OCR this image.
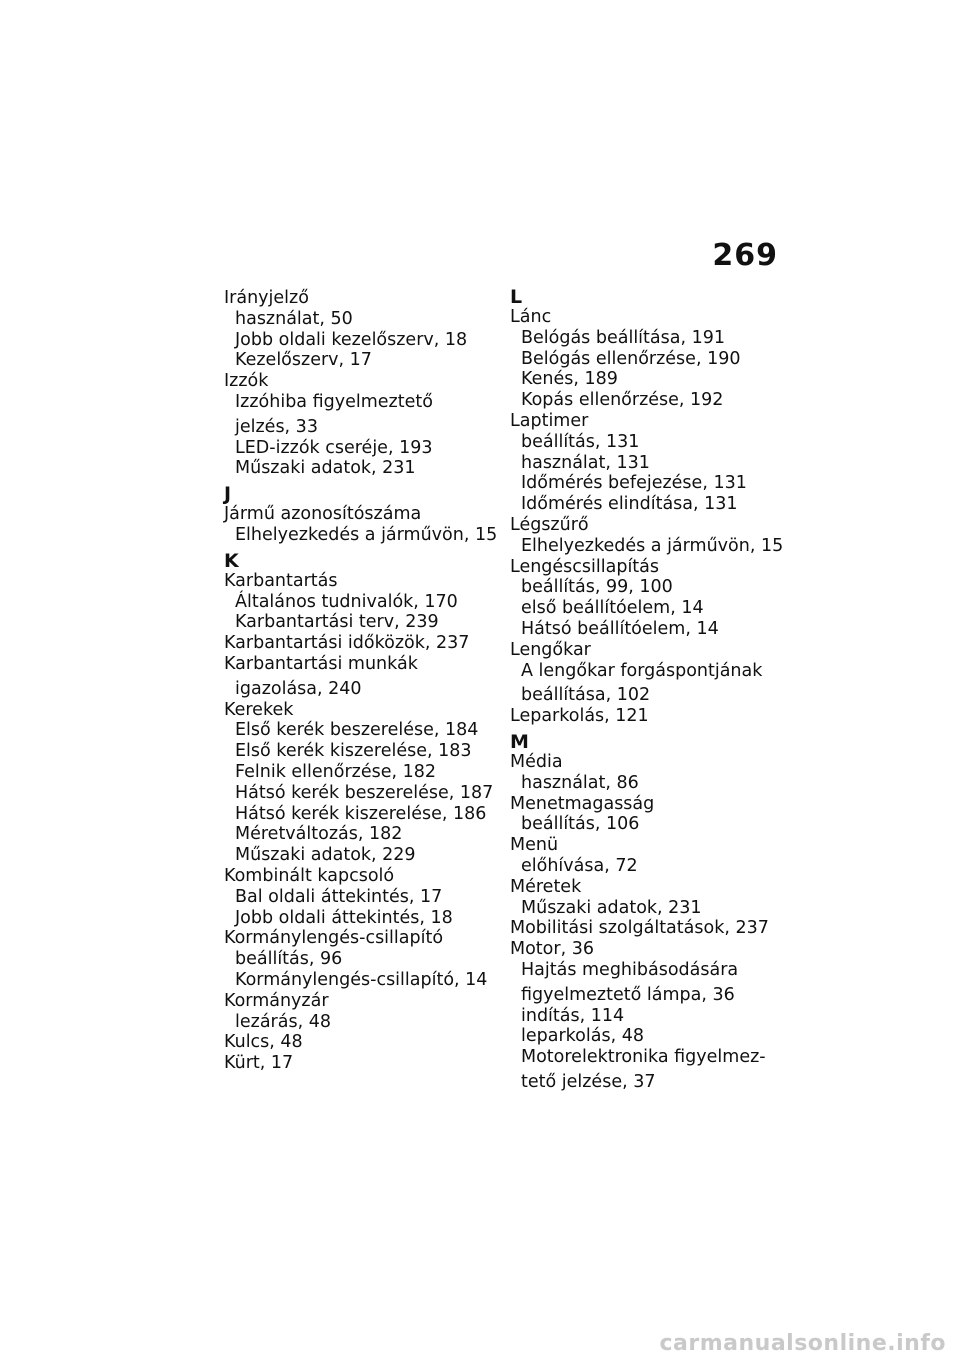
269
Irányjelző
használat, 50
Jobb oldali kezelőszerv, 18
Kezelőszerv, 17
Izzók
Izzóhiba figyelmeztető
jelzés, 33
LED-izzók cseréje, 193
Műszaki adatok, 231
J
Jármű azonosítószáma
Elhelyezkedés a járművön, 15
K
Karbantartás
Általános tudnivalók, 170
Karbantartási terv, 239
Karbantartási időközök, 237
Karbantartási munkák
igazolása, 240
Kerekek
Első kerék beszerelése, 184
Első kerék kiszerelése, 183
Felnik ellenőrzése, 182
Hátsó kerék beszerelése, 187
Hátsó kerék kiszerelése, 186
Méretváltozás, 182
Műszaki adatok, 229
Kombinált kapcsoló
Bal oldali áttekintés, 17
Jobb oldali áttekintés, 18
Kormánylengés-csillapító
beállítás, 96
Kormánylengés-csillapító, 14
Kormányzár
lezárás, 48
Kulcs, 48
Kürt, 17
L
Lánc
Belógás beállítása, 191
Belógás ellenőrzése, 190
Kenés, 189
Kopás ellenőrzése, 192
Laptimer
beállítás, 131
használat, 131
Időmérés befejezése, 131
Időmérés elindítása, 131
Légszűrő
Elhelyezkedés a járművön, 15
Lengéscsillapítás
beállítás, 99, 100
első beállítóelem, 14
Hátsó beállítóelem, 14
Lengőkar
A lengőkar forgáspontjának
beállítása, 102
Leparkolás, 121
M
Média
használat, 86
Menetmagasság
beállítás, 106
Menü
előhívása, 72
Méretek
Műszaki adatok, 231
Mobilitási szolgáltatások, 237
Motor, 36
Hajtás meghibásodására
figyelmeztető lámpa, 36
indítás, 114
leparkolás, 48
Motorelektronika figyelmez-
tető jelzése, 37
carmanualsonline.info
